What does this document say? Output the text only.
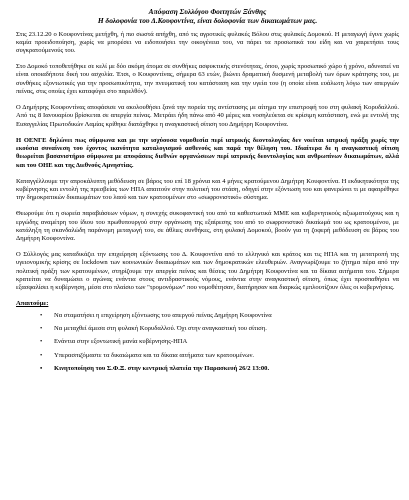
Απόφαση Συλλόγου Φοιτητών Ξάνθης
Η δολοφονία του Δ.Κουφοντίνα, είναι δολοφονία των δικαιωμάτων μας.

Στις 23.12.20 ο Κουφοντίνας μετήχθη, ή πιο σωστά απήχθη, από τις αγροτικές φυλακές Βόλου στις φυλακές Δομοκού. Η μεταγωγή έγινε χωρίς καμία προειδοποίηση, χωρίς να μπορέσει να ειδοποιήσει την οικογένεια του, να πάρει τα προσωπικά του είδη και να χαιρετήσει τους συγκρατούμενούς του.

Στο Δομοκό τοποθετήθηκε σε κελί με δύο ακόμη άτομα σε συνθήκες ασφυκτικής στενότητας, όπου, χωρίς προσωπικό χώρο ή χρόνο, αδυνατεί να είναι οποιαδήποτε δική του ασχολία. Έτσι, ο Κουφοντίνας, σήμερα 63 ετών, βιώνει δραματική δυσμενή μεταβολή των όρων κράτησης του, με συνθήκες εξοντωτικές για την προσωπικότητα, την πνευματική του κατάσταση και την υγεία του (η οποία είναι ευάλωτη λόγω των απεργιών πείνας, στις οποίες έχει καταφύγει στο παρελθόν).

Ο Δημήτρης Κουφοντίνας αποφάσισε να ακολουθήσει ξανά την πορεία της αντίστασης με αίτημα την επιστροφή του στη φυλακή Κορυδαλλού. Από τις 8 Ιανουαρίου βρίσκεται σε απεργία πείνας. Μετράει ήδη πάνω από 40 μέρες και νοσηλεύεται σε κρίσιμη κατάσταση, ενώ με εντολή της Εισαγγελίας Πρωτοδικών Λαμίας κρίθηκε διατάχθηκε η αναγκαστική σίτιση του Δημήτρη Κουφοντίνα.

Η ΟΕΝΓΕ δηλώνει πως σύμφωνα και με την ισχύουσα νομοθεσία περί ιατρικής δεοντολογίας δεν νοείται ιατρική πράξη χωρίς την εκούσια συναίνεση του έχοντος ικανότητα καταλογισμού ασθενούς και παρά την θέληση του. Ιδιαίτερα δε η αναγκαστική σίτιση θεωρείται βασανιστήριο σύμφωνα με αποφάσεις διεθνών οργανώσεων περί ιατρικής δεοντολογίας και ανθρωπίνων δικαιωμάτων, αλλά και του ΟΗΕ και της Διεθνούς Αμνηστίας.

Καταγγέλλουμε την απροκάλυπτη μεθόδευση σε βάρος του επί 18 χρόνια και 4 μήνες κρατούμενου Δημήτρη Κουφοντίνα. Η εκδικητικότητα της κυβέρνησης και εντολή της πρεσβείας των ΗΠΑ απαιτούν στην πολιτική του στάση, οδηγεί στην εξόντωση του και φανερώνει τι με αφαιρέθηκε την δημοκρατικών δικαιωμάτων του λαού και των κρατουμένων στο «σωφρονιστικό» σύστημα.

Θεωρούμε ότι η σωρεία παραβιάσεων νόμων, η συνεχής συκοφαντική του από τα καθεστωτικά ΜΜΕ και κυβερνητικούς αξιωματούχους και η εργώδης αναμέτρη του ίδιου του πρωθυπουργού στην οργάνωση της εξαίρεσης του από το σωφρονιστικό δικαίωμά του ως κρατουμένου, με κατάληξη τη σκανδαλώδη παράνομη μεταγωγή του, σε άθλιες συνθήκες, στη φυλακή Δομοκού, βοούν για τη ζοφερή μεθόδευση σε βάρος του Δημήτρη Κουφοντίνα.

Ο Σύλλογός μας καταδικάζει την επιχείρηση εξόντωσης του Δ. Κουφοντίνα από το ελληνικό και κράτος και τις ΗΠΑ και τη μετατροπή της υγειονομικής κρίσης σε lockdown των κοινωνικών δικαιωμάτων και των δημοκρατικών ελευθεριών. Αναγνωρίζουμε το ζήτημα πέρα από την πολιτική πράξη των κρατουμένων, στηρίζουμε την απεργία πείνας και θέσεις του Δημήτρη Κουφοντίνα και τα δίκαια αιτήματα του. Σήμερα κρατείται να δυναμώσει ο αγώνας ενάντια στους αντιδραστικούς νόμους, ενάντια στην αναγκαστική σίτιση, όπως έχει προσπαθήσει να εξασφαλίσει η κυβέρνηση, μέσα στο πλαίσιο των "τρομονόμων" που νομοθέτησαν, διατήρησαν και διαρκώς εμπλουτίζουν όλες οι κυβερνήσεις.

Απαιτούμε:
• Να σταματήσει η επιχείρηση εξόντωσης του απεργού πείνας Δημήτρη Κουφοντίνα
• Να μεταχθεί άμεσα στη φυλακή Κορυδαλλού. Όχι στην αναγκαστική του σίτιση.
• Ενάντια στην εξοντωτική μανία κυβέρνησης-ΗΠΑ
• Υπερασπιζόμαστε τα δικαιώματα και τα δίκαια αιτήματα των κρατουμένων.
• Κινητοποίηση του Σ.Φ.Ξ. στην κεντρική πλατεία την Παρασκευή 26/2 13:00.
